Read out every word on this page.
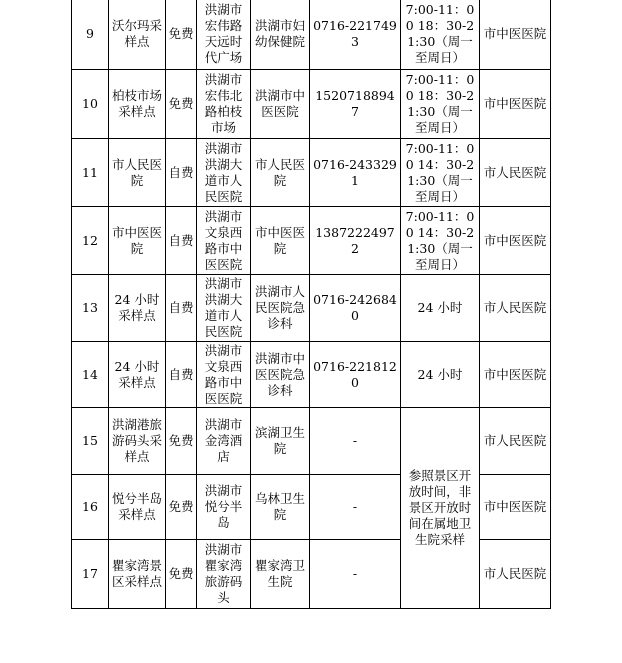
9	沃尔玛采样点	免费	洪湖市宏伟路天远时代广场	洪湖市妇幼保健院	0716-2217493	7:00-11：00 18：30-21:30（周一至周日）	市中医医院
10	柏枝市场采样点	免费	洪湖市宏伟北路柏枝市场	洪湖市中医医院	15207188947	7:00-11：00 18：30-21:30（周一至周日）	市中医医院
11	市人民医院	自费	洪湖市洪湖大道市人民医院	市人民医院	0716-2433291	7:00-11：00 14：30-21:30（周一至周日）	市人民医院
12	市中医医院	自费	洪湖市文泉西路市中医医院	市中医医院	13872224972	7:00-11：00 14：30-21:30（周一至周日）	市中医医院
13	24 小时采样点	自费	洪湖市洪湖大道市人民医院	洪湖市人民医院急诊科	0716-2426840	24 小时	市人民医院
14	24 小时采样点	自费	洪湖市文泉西路市中医医院	洪湖市中医医院急诊科	0716-2218120	24 小时	市中医医院
15	洪湖港旅游码头采样点	免费	洪湖市金湾酒店	滨湖卫生院	-	参照景区开放时间，非景区开放时间在属地卫生院采样	市人民医院
16	悦兮半岛采样点	免费	洪湖市悦兮半岛	乌林卫生院	-		市中医医院
17	瞿家湾景区采样点	免费	洪湖市瞿家湾旅游码头	瞿家湾卫生院	-		市人民医院
